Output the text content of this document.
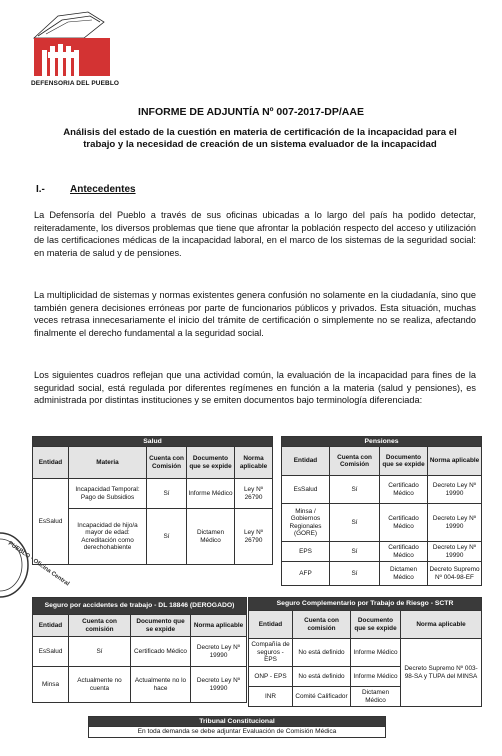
DEFENSORIA DEL PUEBLO
INFORME DE ADJUNTÍA Nº 007-2017-DP/AAE
Análisis del estado de la cuestión en materia de certificación de la incapacidad para el trabajo y la necesidad de creación de un sistema evaluador de la incapacidad
I.-	Antecedentes
La Defensoría del Pueblo a través de sus oficinas ubicadas a lo largo del país ha podido detectar, reiteradamente, los diversos problemas que tiene que afrontar la población respecto del acceso y utilización de las certificaciones médicas de la incapacidad laboral, en el marco de los sistemas de la seguridad social: en materia de salud y de pensiones.
La multiplicidad de sistemas y normas existentes genera confusión no solamente en la ciudadanía, sino que también genera decisiones erróneas por parte de funcionarios públicos y privados. Esta situación, muchas veces retrasa innecesariamente el inicio del trámite de certificación o simplemente no se realiza, afectando finalmente el derecho fundamental a la seguridad social.
Los siguientes cuadros reflejan que una actividad común, la evaluación de la incapacidad para fines de la seguridad social, está regulada por diferentes regímenes en función a la materia (salud y pensiones), es administrada por distintas instituciones y se emiten documentos bajo terminología diferenciada:
PUEBLO · Oficina Central
Salud				
Entidad	Materia	Cuenta con Comisión	Documento que se expide	Norma aplicable
EsSalud	Incapacidad Temporal: Pago de Subsidios	Sí	Informe Médico	Ley Nº 26790
	Incapacidad de hijo/a mayor de edad: Acreditación como derechohabiente	Sí	Dictamen Médico	Ley Nº 26790
Pensiones			
Entidad	Cuenta con Comisión	Documento que se expide	Norma aplicable
EsSalud	Sí	Certificado Médico	Decreto Ley Nº 19990
Minsa / Gobiernos Regionales (GORE)	Sí	Certificado Médico	Decreto Ley Nº 19990
EPS	Sí	Certificado Médico	Decreto Ley Nº 19990
AFP	Sí	Dictamen Médico	Decreto Supremo Nº 004-98-EF
Seguro por accidentes de trabajo - DL 18846 (DEROGADO)			
Entidad	Cuenta con comisión	Documento que se expide	Norma aplicable
EsSalud	Sí	Certificado Médico	Decreto Ley Nº 19990
Minsa	Actualmente no cuenta	Actualmente no lo hace	Decreto Ley Nº 19990
Seguro Complementario por Trabajo de Riesgo - SCTR			
Entidad	Cuenta con comisión	Documento que se expide	Norma aplicable
Compañía de seguros - EPS	No está definido	Informe Médico	Decreto Supremo Nº 003-98-SA y TUPA del MINSA
ONP - EPS	No está definido	Informe Médico	
INR	Comité Calificador	Dictamen Médico	
Tribunal Constitucional
En toda demanda se debe adjuntar Evaluación de Comisión Médica
